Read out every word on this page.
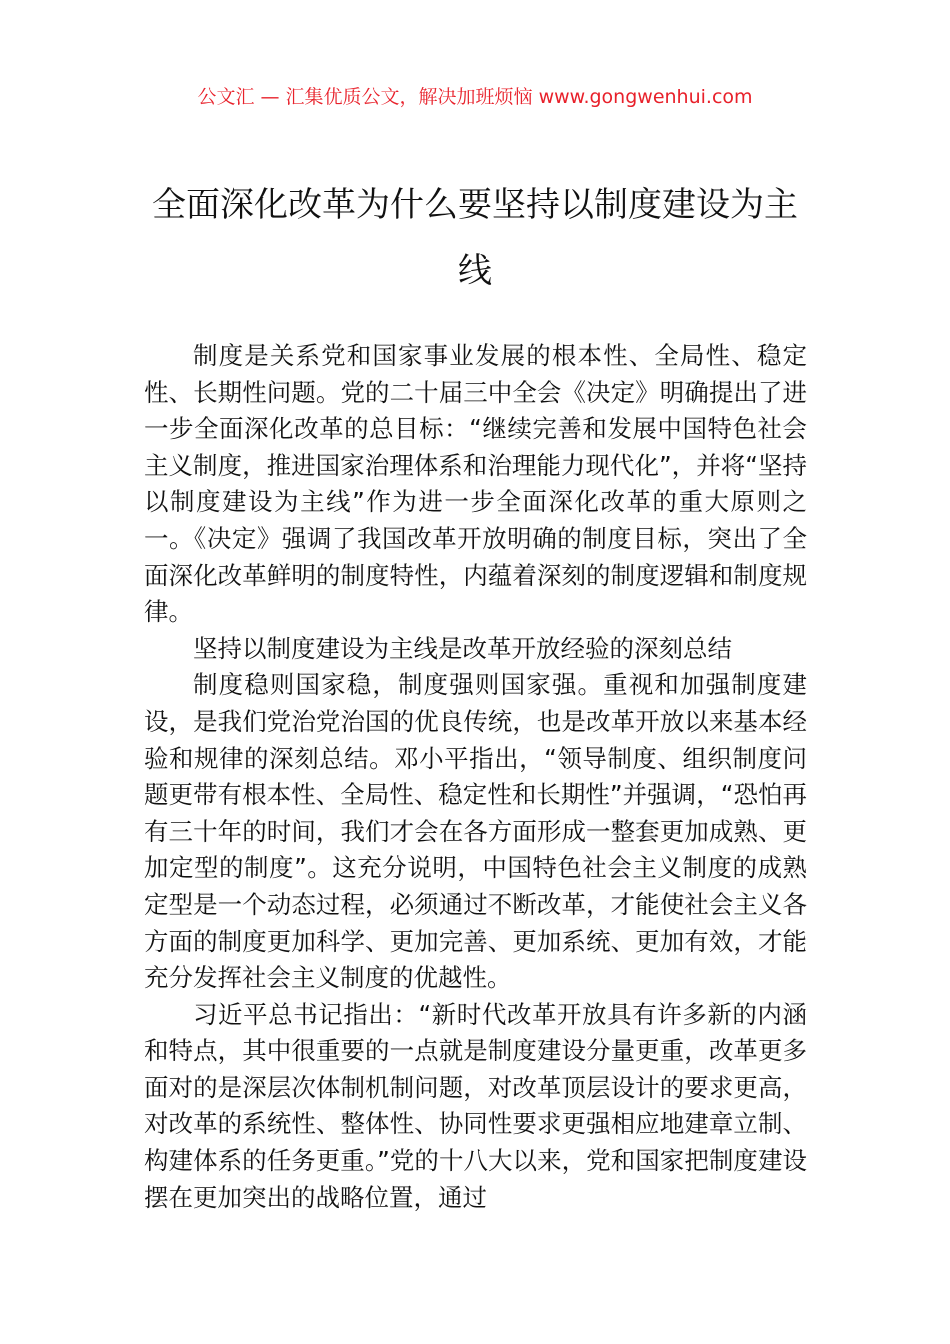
公文汇 — 汇集优质公文，解决加班烦恼 www.gongwenhui.com
全面深化改革为什么要坚持以制度建设为主线

制度是关系党和国家事业发展的根本性、全局性、稳定性、长期性问题。党的二十届三中全会《决定》明确提出了进一步全面深化改革的总目标：“继续完善和发展中国特色社会主义制度，推进国家治理体系和治理能力现代化”，并将“坚持以制度建设为主线”作为进一步全面深化改革的重大原则之一。《决定》强调了我国改革开放明确的制度目标，突出了全面深化改革鲜明的制度特性，内蕴着深刻的制度逻辑和制度规律。

坚持以制度建设为主线是改革开放经验的深刻总结

制度稳则国家稳，制度强则国家强。重视和加强制度建设，是我们党治党治国的优良传统，也是改革开放以来基本经验和规律的深刻总结。邓小平指出，“领导制度、组织制度问题更带有根本性、全局性、稳定性和长期性”并强调，“恐怕再有三十年的时间，我们才会在各方面形成一整套更加成熟、更加定型的制度”。这充分说明，中国特色社会主义制度的成熟定型是一个动态过程，必须通过不断改革，才能使社会主义各方面的制度更加科学、更加完善、更加系统、更加有效，才能充分发挥社会主义制度的优越性。

习近平总书记指出：“新时代改革开放具有许多新的内涵和特点，其中很重要的一点就是制度建设分量更重，改革更多面对的是深层次体制机制问题，对改革顶层设计的要求更高，对改革的系统性、整体性、协同性要求更强相应地建章立制、构建体系的任务更重。”党的十八大以来，党和国家把制度建设摆在更加突出的战略位置，通过
